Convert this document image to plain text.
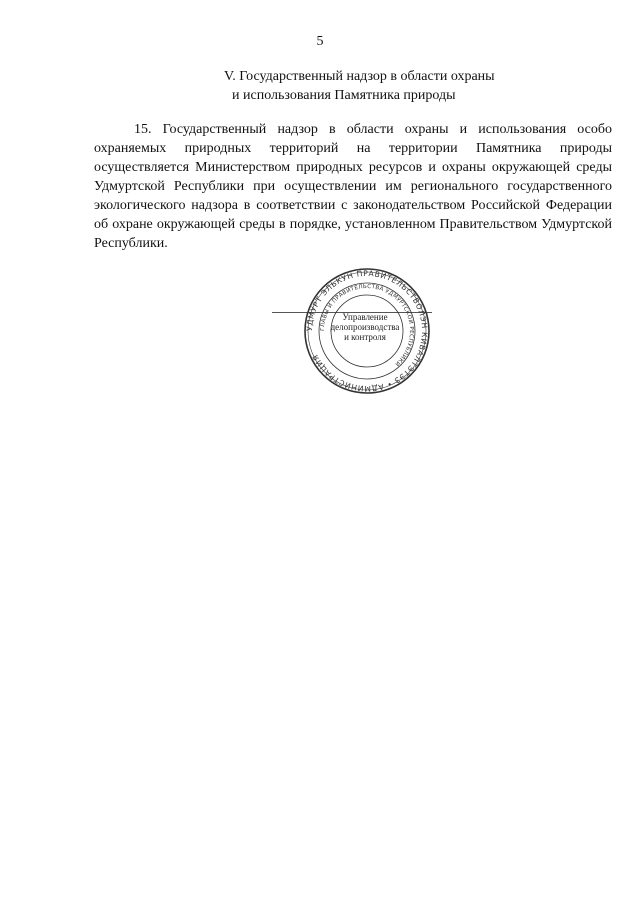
5
V. Государственный надзор в области охраны
и использования Памятника природы

15. Государственный надзор в области охраны и использования особо охраняемых природных территорий на территории Памятника природы осуществляется Министерством природных ресурсов и охраны окружающей среды Удмуртской Республики при осуществлении им регионального государственного экологического надзора в соответствии с законодательством Российской Федерации об охране окружающей среды в порядке, установленном Правительством Удмуртской Республики.

УДМУРТ ЭЛЬКУН ПРАВИТЕЛЬСТВОЛЭН КИВАЛТЭТЭЗ • АДМИНИСТРАЦИЯ
ГЛАВЫ И ПРАВИТЕЛЬСТВА УДМУРТСКОЙ РЕСПУБЛИКИ
Управление
делопроизводства
и контроля
